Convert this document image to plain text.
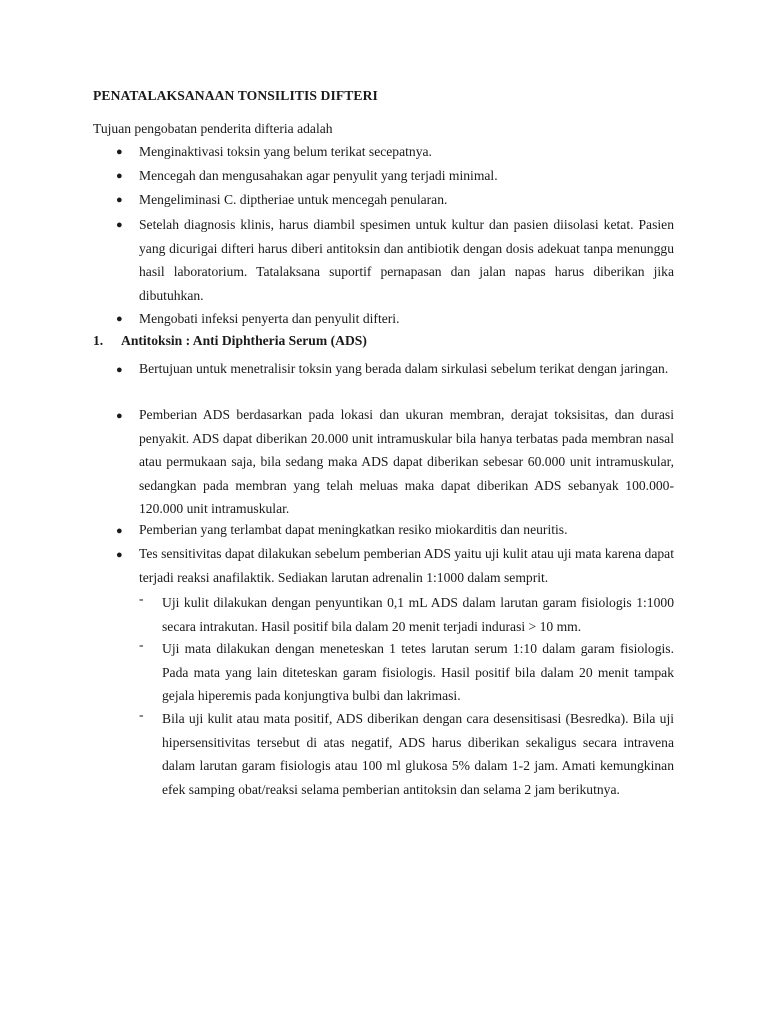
PENATALAKSANAAN TONSILITIS DIFTERI
Tujuan pengobatan penderita difteria adalah
● Menginaktivasi toksin yang belum terikat secepatnya.
● Mencegah dan mengusahakan agar penyulit yang terjadi minimal.
● Mengeliminasi C. diptheriae untuk mencegah penularan.
● Setelah diagnosis klinis, harus diambil spesimen untuk kultur dan pasien diisolasi ketat. Pasien yang dicurigai difteri harus diberi antitoksin dan antibiotik dengan dosis adekuat tanpa menunggu hasil laboratorium. Tatalaksana suportif pernapasan dan jalan napas harus diberikan jika dibutuhkan.
● Mengobati infeksi penyerta dan penyulit difteri.
1. Antitoksin : Anti Diphtheria Serum (ADS)
● Bertujuan untuk menetralisir toksin yang berada dalam sirkulasi sebelum terikat dengan jaringan.
● Pemberian ADS berdasarkan pada lokasi dan ukuran membran, derajat toksisitas, dan durasi penyakit. ADS dapat diberikan 20.000 unit intramuskular bila hanya terbatas pada membran nasal atau permukaan saja, bila sedang maka ADS dapat diberikan sebesar 60.000 unit intramuskular, sedangkan pada membran yang telah meluas maka dapat diberikan ADS sebanyak 100.000-120.000 unit intramuskular.
● Pemberian yang terlambat dapat meningkatkan resiko miokarditis dan neuritis.
● Tes sensitivitas dapat dilakukan sebelum pemberian ADS yaitu uji kulit atau uji mata karena dapat terjadi reaksi anafilaktik. Sediakan larutan adrenalin 1:1000 dalam semprit.
- Uji kulit dilakukan dengan penyuntikan 0,1 mL ADS dalam larutan garam fisiologis 1:1000 secara intrakutan. Hasil positif bila dalam 20 menit terjadi indurasi > 10 mm.
- Uji mata dilakukan dengan meneteskan 1 tetes larutan serum 1:10 dalam garam fisiologis. Pada mata yang lain diteteskan garam fisiologis. Hasil positif bila dalam 20 menit tampak gejala hiperemis pada konjungtiva bulbi dan lakrimasi.
- Bila uji kulit atau mata positif, ADS diberikan dengan cara desensitisasi (Besredka). Bila uji hipersensitivitas tersebut di atas negatif, ADS harus diberikan sekaligus secara intravena dalam larutan garam fisiologis atau 100 ml glukosa 5% dalam 1-2 jam. Amati kemungkinan efek samping obat/reaksi selama pemberian antitoksin dan selama 2 jam berikutnya.
